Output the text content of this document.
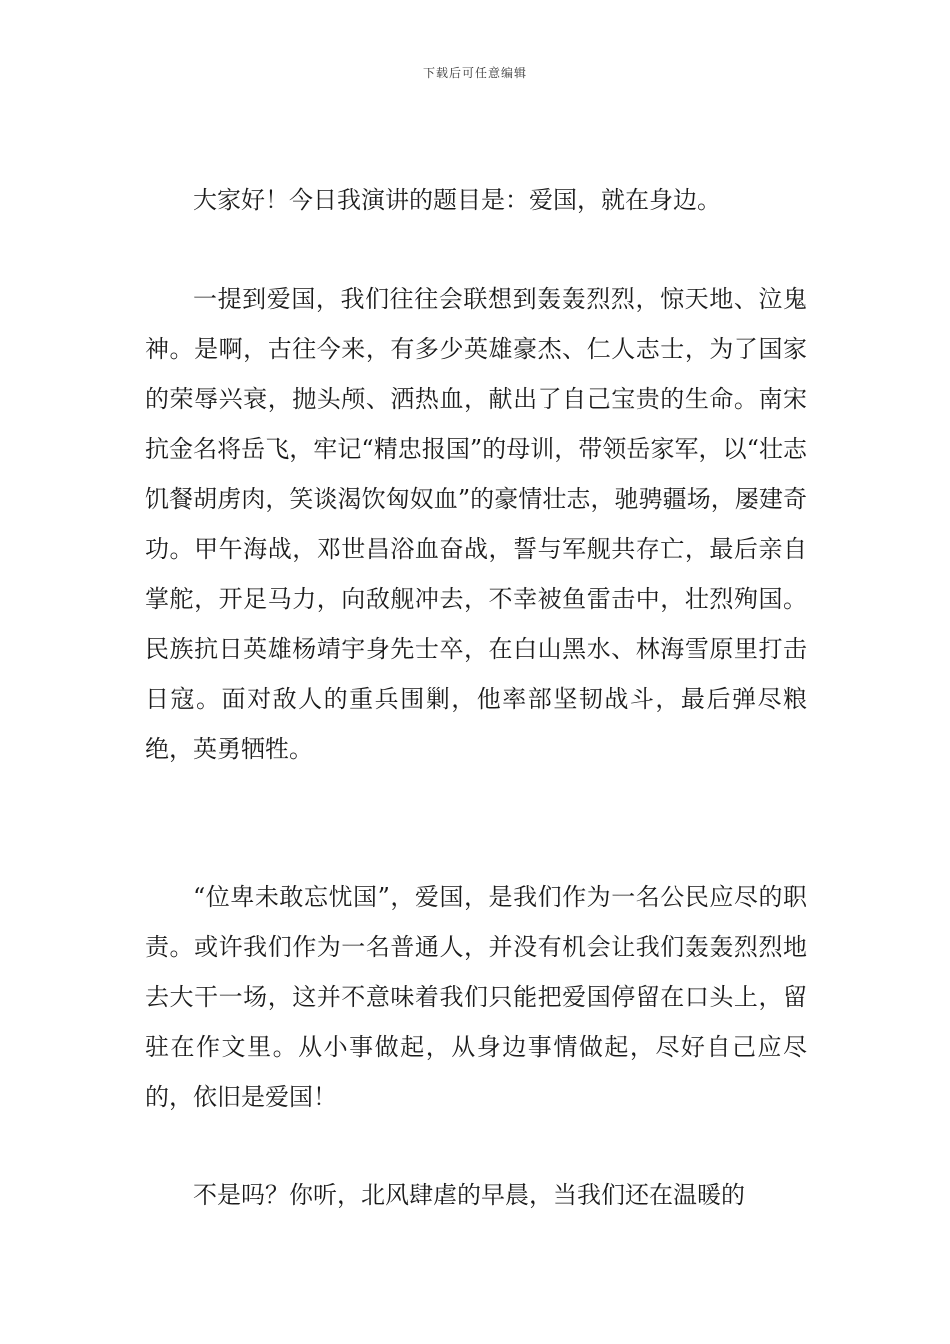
下载后可任意编辑

大家好！今日我演讲的题目是：爱国，就在身边。

一提到爱国，我们往往会联想到轰轰烈烈，惊天地、泣鬼神。是啊，古往今来，有多少英雄豪杰、仁人志士，为了国家的荣辱兴衰，抛头颅、洒热血，献出了自己宝贵的生命。南宋抗金名将岳飞，牢记“精忠报国”的母训，带领岳家军，以“壮志饥餐胡虏肉，笑谈渴饮匈奴血”的豪情壮志，驰骋疆场，屡建奇功。甲午海战，邓世昌浴血奋战，誓与军舰共存亡，最后亲自掌舵，开足马力，向敌舰冲去，不幸被鱼雷击中，壮烈殉国。民族抗日英雄杨靖宇身先士卒，在白山黑水、林海雪原里打击日寇。面对敌人的重兵围剿，他率部坚韧战斗，最后弹尽粮绝，英勇牺牲。

“位卑未敢忘忧国”，爱国，是我们作为一名公民应尽的职责。或许我们作为一名普通人，并没有机会让我们轰轰烈烈地去大干一场，这并不意味着我们只能把爱国停留在口头上，留驻在作文里。从小事做起，从身边事情做起，尽好自己应尽的，依旧是爱国！

不是吗？你听，北风肆虐的早晨，当我们还在温暖的
